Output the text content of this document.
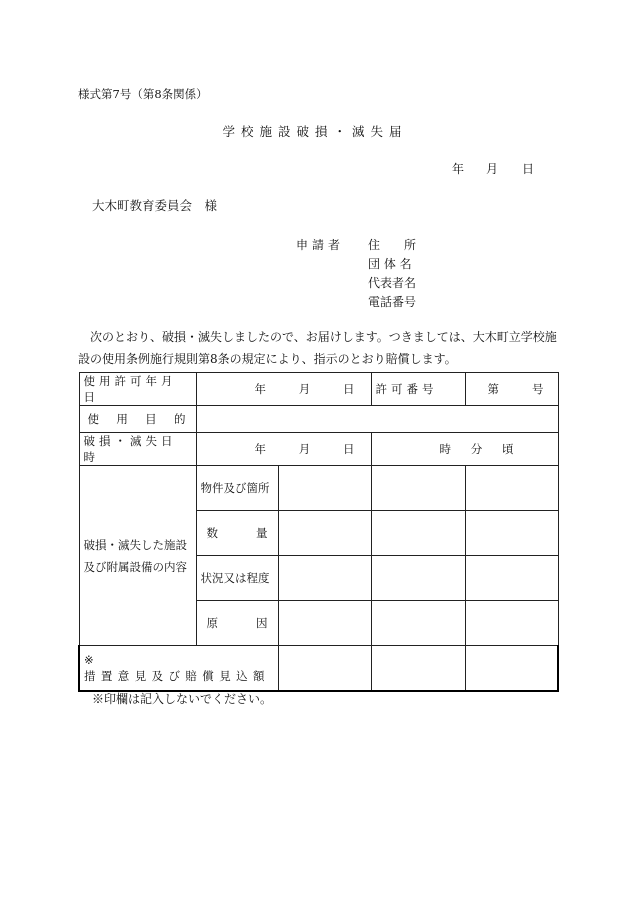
様式第7号（第8条関係）
学校施設破損・滅失届
年 月 日
大木町教育委員会　様
申請者 住　　所
団 体 名
代表者名
電話番号
次のとおり、破損・滅失しましたので、お届けします。つきましては、大木町立学校施設の使用条例施行規則第8条の規定により、指示のとおり賠償します。
使用許可年月日	年 月 日		許可番号	第 号

使 用 目 的				

破損・滅失日時	年 月 日		時 分 頃	

破損・滅失した施設
及び附属設備の内容	物件及び箇所			

	数 量			

	状況又は程度			

	原 因			

※
措置意見及び賠償見込額				

※印欄は記入しないでください。
